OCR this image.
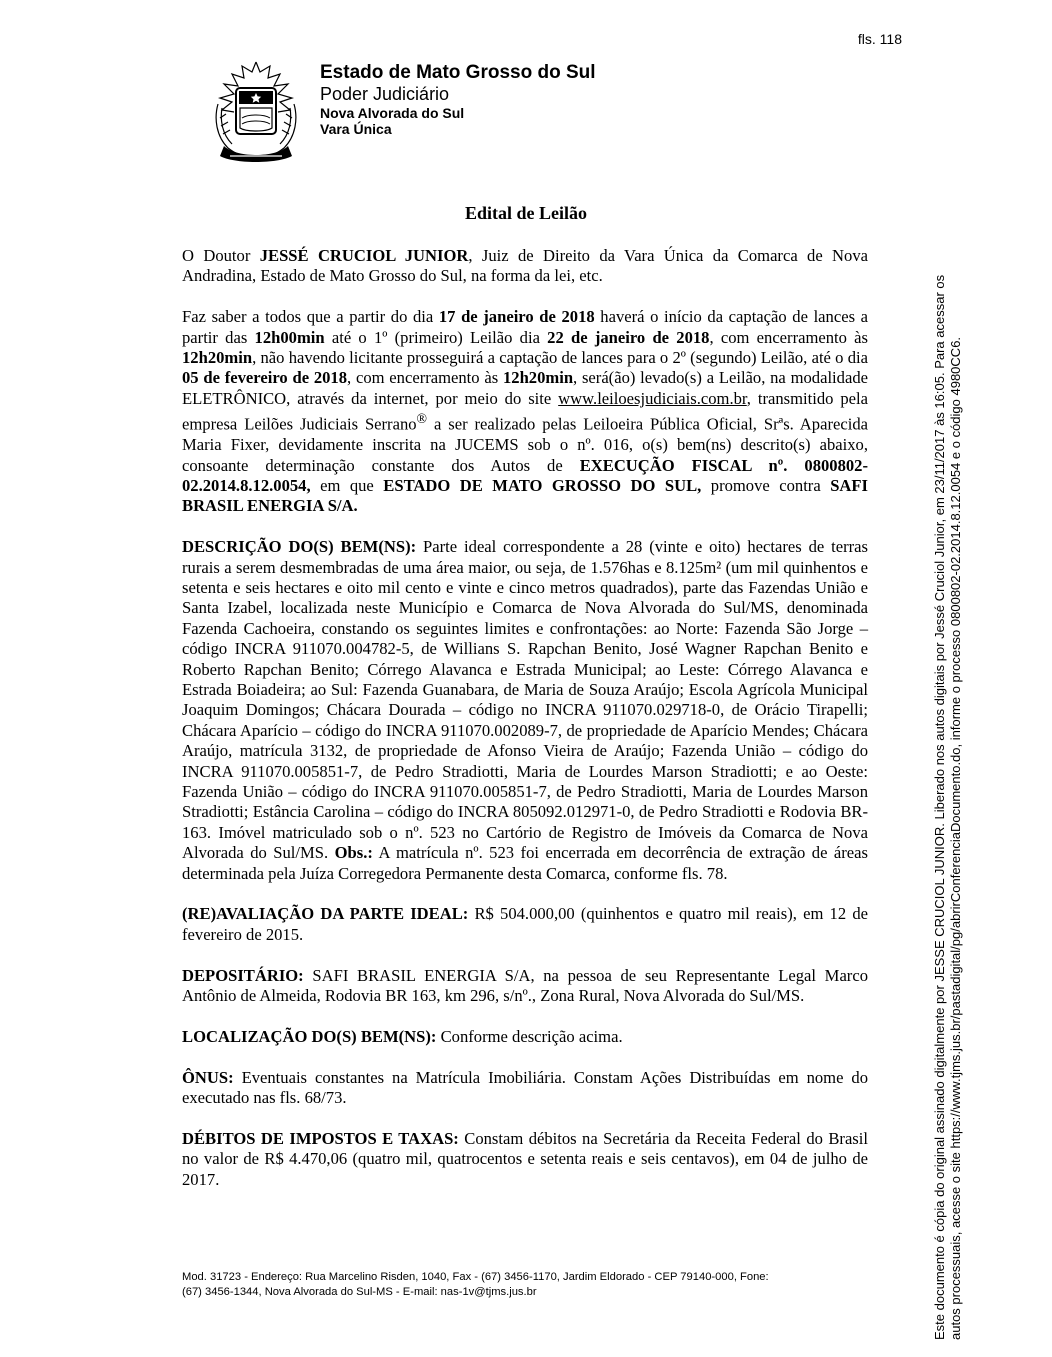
fls. 118
Estado de Mato Grosso do Sul
Poder Judiciário
Nova Alvorada do Sul
Vara Única
Edital de Leilão

O Doutor JESSÉ CRUCIOL JUNIOR, Juiz de Direito da Vara Única da Comarca de Nova Andradina, Estado de Mato Grosso do Sul, na forma da lei, etc.

Faz saber a todos que a partir do dia 17 de janeiro de 2018 haverá o início da captação de lances a partir das 12h00min até o 1º (primeiro) Leilão dia 22 de janeiro de 2018, com encerramento às 12h20min, não havendo licitante prosseguirá a captação de lances para o 2º (segundo) Leilão, até o dia 05 de fevereiro de 2018, com encerramento às 12h20min, será(ão) levado(s) a Leilão, na modalidade ELETRÔNICO, através da internet, por meio do site www.leiloesjudiciais.com.br, transmitido pela empresa Leilões Judiciais Serrano® a ser realizado pelas Leiloeira Pública Oficial, Srªs. Aparecida Maria Fixer, devidamente inscrita na JUCEMS sob o nº. 016, o(s) bem(ns) descrito(s) abaixo, consoante determinação constante dos Autos de EXECUÇÃO FISCAL nº. 0800802-02.2014.8.12.0054, em que ESTADO DE MATO GROSSO DO SUL, promove contra SAFI BRASIL ENERGIA S/A.

DESCRIÇÃO DO(S) BEM(NS): Parte ideal correspondente a 28 (vinte e oito) hectares de terras rurais a serem desmembradas de uma área maior, ou seja, de 1.576has e 8.125m² (um mil quinhentos e setenta e seis hectares e oito mil cento e vinte e cinco metros quadrados), parte das Fazendas União e Santa Izabel, localizada neste Município e Comarca de Nova Alvorada do Sul/MS, denominada Fazenda Cachoeira, constando os seguintes limites e confrontações: ao Norte: Fazenda São Jorge – código INCRA 911070.004782-5, de Willians S. Rapchan Benito, José Wagner Rapchan Benito e Roberto Rapchan Benito; Córrego Alavanca e Estrada Municipal; ao Leste: Córrego Alavanca e Estrada Boiadeira; ao Sul: Fazenda Guanabara, de Maria de Souza Araújo; Escola Agrícola Municipal Joaquim Domingos; Chácara Dourada – código no INCRA 911070.029718-0, de Orácio Tirapelli; Chácara Aparício – código do INCRA 911070.002089-7, de propriedade de Aparício Mendes; Chácara Araújo, matrícula 3132, de propriedade de Afonso Vieira de Araújo; Fazenda União – código do INCRA 911070.005851-7, de Pedro Stradiotti, Maria de Lourdes Marson Stradiotti; e ao Oeste: Fazenda União – código do INCRA 911070.005851-7, de Pedro Stradiotti, Maria de Lourdes Marson Stradiotti; Estância Carolina – código do INCRA 805092.012971-0, de Pedro Stradiotti e Rodovia BR-163. Imóvel matriculado sob o nº. 523 no Cartório de Registro de Imóveis da Comarca de Nova Alvorada do Sul/MS. Obs.: A matrícula nº. 523 foi encerrada em decorrência de extração de áreas determinada pela Juíza Corregedora Permanente desta Comarca, conforme fls. 78.

(RE)AVALIAÇÃO DA PARTE IDEAL: R$ 504.000,00 (quinhentos e quatro mil reais), em 12 de fevereiro de 2015.

DEPOSITÁRIO: SAFI BRASIL ENERGIA S/A, na pessoa de seu Representante Legal Marco Antônio de Almeida, Rodovia BR 163, km 296, s/nº., Zona Rural, Nova Alvorada do Sul/MS.

LOCALIZAÇÃO DO(S) BEM(NS): Conforme descrição acima.

ÔNUS: Eventuais constantes na Matrícula Imobiliária. Constam Ações Distribuídas em nome do executado nas fls. 68/73.

DÉBITOS DE IMPOSTOS E TAXAS: Constam débitos na Secretária da Receita Federal do Brasil no valor de R$ 4.470,06 (quatro mil, quatrocentos e setenta reais e seis centavos), em 04 de julho de 2017.

Mod. 31723 - Endereço: Rua Marcelino Risden, 1040, Fax - (67) 3456-1170, Jardim Eldorado - CEP 79140-000, Fone:
(67) 3456-1344, Nova Alvorada do Sul-MS - E-mail: nas-1v@tjms.jus.br	Este documento é cópia do original assinado digitalmente por JESSE CRUCIOL JUNIOR. Liberado nos autos digitais por Jessé Cruciol Junior, em 23/11/2017 às 16:05. Para acessar os autos processuais, acesse o site https://www.tjms.jus.br/pastadigital/pg/abrirConferenciaDocumento.do, informe o processo 0800802-02.2014.8.12.0054 e o código 4980CC6.
